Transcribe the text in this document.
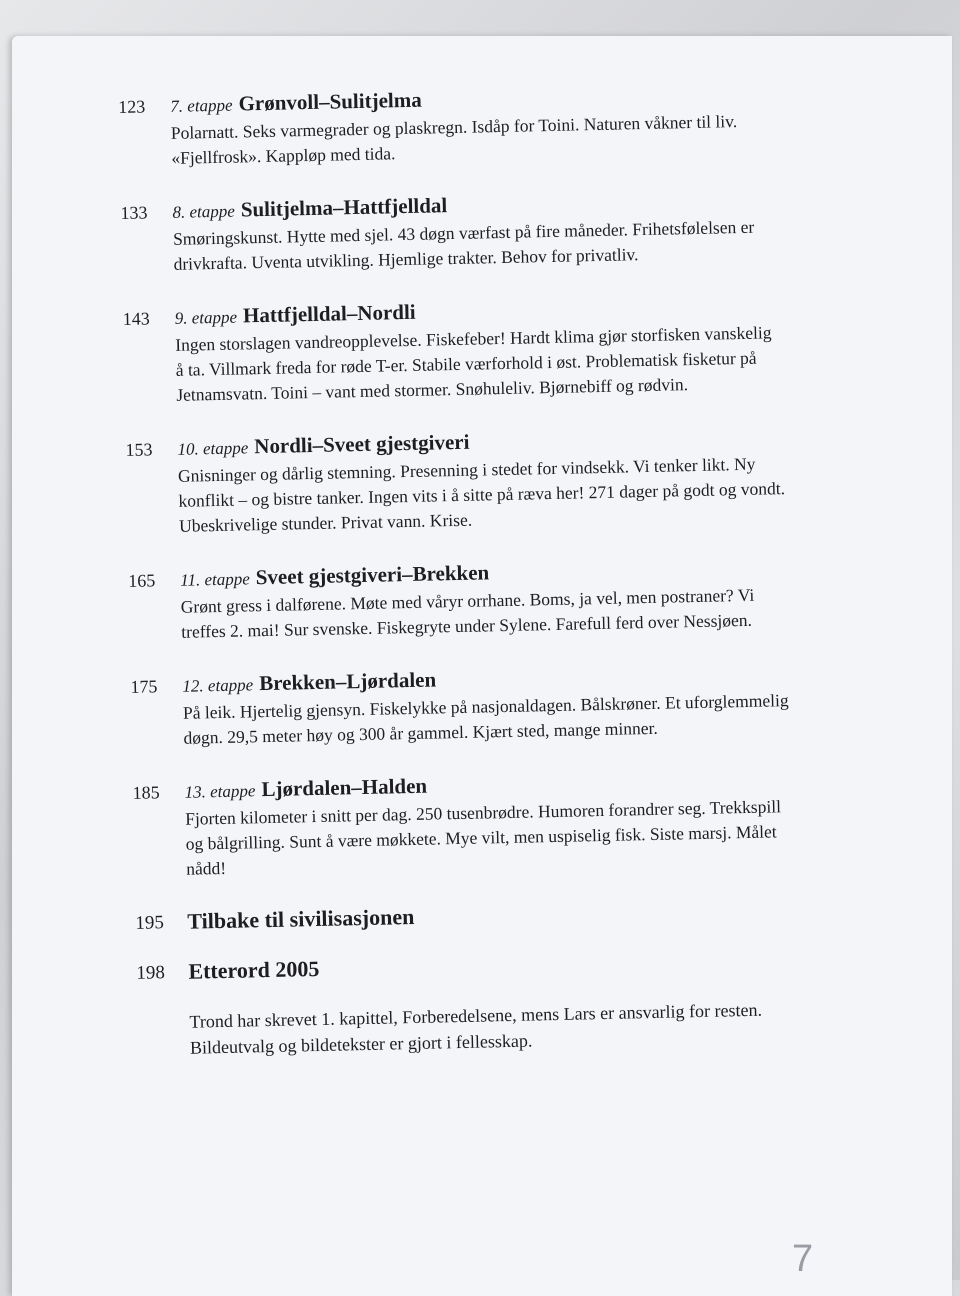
123	7. etappe Grønvoll–Sulitjelma
Polarnatt. Seks varmegrader og plaskregn. Isdåp for Toini. Naturen våkner til liv. «Fjellfrosk». Kappløp med tida.
133	8. etappe Sulitjelma–Hattfjelldal
Smøringskunst. Hytte med sjel. 43 døgn værfast på fire måneder. Frihetsfølelsen er drivkrafta. Uventa utvikling. Hjemlige trakter. Behov for privatliv.
143	9. etappe Hattfjelldal–Nordli
Ingen storslagen vandreopplevelse. Fiskefeber! Hardt klima gjør storfisken vanskelig å ta. Villmark freda for røde T-er. Stabile værforhold i øst. Problematisk fisketur på Jetnamsvatn. Toini – vant med stormer. Snøhuleliv. Bjørnebiff og rødvin.
153	10. etappe Nordli–Sveet gjestgiveri
Gnisninger og dårlig stemning. Presenning i stedet for vindsekk. Vi tenker likt. Ny konflikt – og bistre tanker. Ingen vits i å sitte på ræva her! 271 dager på godt og vondt. Ubeskrivelige stunder. Privat vann. Krise.
165	11. etappe Sveet gjestgiveri–Brekken
Grønt gress i dalførene. Møte med våryr orrhane. Boms, ja vel, men postraner? Vi treffes 2. mai! Sur svenske. Fiskegryte under Sylene. Farefull ferd over Nessjøen.
175	12. etappe Brekken–Ljørdalen
På leik. Hjertelig gjensyn. Fiskelykke på nasjonaldagen. Bålskrøner. Et uforglemmelig døgn. 29,5 meter høy og 300 år gammel. Kjært sted, mange minner.
185	13. etappe Ljørdalen–Halden
Fjorten kilometer i snitt per dag. 250 tusenbrødre. Humoren forandrer seg. Trekkspill og bålgrilling. Sunt å være møkkete. Mye vilt, men uspiselig fisk. Siste marsj. Målet nådd!
195	Tilbake til sivilisasjonen
198	Etterord 2005
Trond har skrevet 1. kapittel, Forberedelsene, mens Lars er ansvarlig for resten. Bildeutvalg og bildetekster er gjort i fellesskap.
7
